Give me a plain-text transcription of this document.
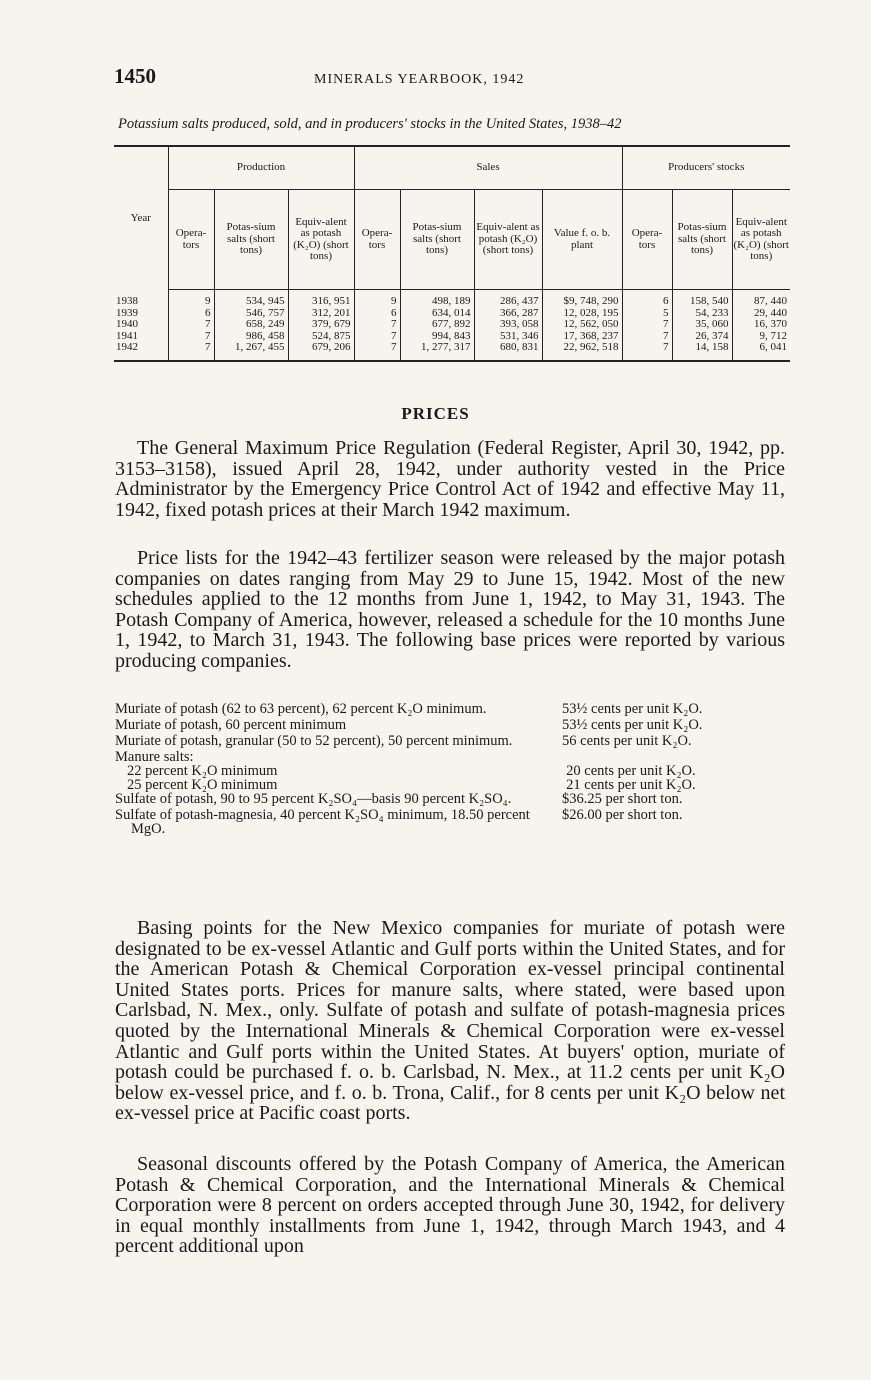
1450	MINERALS YEARBOOK, 1942
Potassium salts produced, sold, and in producers' stocks in the United States, 1938–42
Year	Production			Sales				Producers' stocks		
	Opera-tors	Potas-sium salts (short tons)	Equiv-alent as potash (K₂O) (short tons)	Opera-tors	Potas-sium salts (short tons)	Equiv-alent as potash (K₂O) (short tons)	Value f. o. b. plant	Opera-tors	Potas-sium salts (short tons)	Equiv-alent as potash (K₂O) (short tons)
1938	9	534, 945	316, 951	9	498, 189	286, 437	$9, 748, 290	6	158, 540	87, 440
1939	6	546, 757	312, 201	6	634, 014	366, 287	12, 028, 195	5	54, 233	29, 440
1940	7	658, 249	379, 679	7	677, 892	393, 058	12, 562, 050	7	35, 060	16, 370
1941	7	986, 458	524, 875	7	994, 843	531, 346	17, 368, 237	7	26, 374	9, 712
1942	7	1, 267, 455	679, 206	7	1, 277, 317	680, 831	22, 962, 518	7	14, 158	6, 041
PRICES

The General Maximum Price Regulation (Federal Register, April 30, 1942, pp. 3153–3158), issued April 28, 1942, under authority vested in the Price Administrator by the Emergency Price Control Act of 1942 and effective May 11, 1942, fixed potash prices at their March 1942 maximum.

Price lists for the 1942–43 fertilizer season were released by the major potash companies on dates ranging from May 29 to June 15, 1942. Most of the new schedules applied to the 12 months from June 1, 1942, to May 31, 1943. The Potash Company of America, however, released a schedule for the 10 months June 1, 1942, to March 31, 1943. The following base prices were reported by various producing companies.

Muriate of potash (62 to 63 percent), 62 percent K₂O minimum.	53½ cents per unit K₂O.
Muriate of potash, 60 percent minimum	53½ cents per unit K₂O.
Muriate of potash, granular (50 to 52 percent), 50 percent minimum.	56 cents per unit K₂O.
Manure salts:
22 percent K₂O minimum	20 cents per unit K₂O.
25 percent K₂O minimum	21 cents per unit K₂O.
Sulfate of potash, 90 to 95 percent K₂SO₄—basis 90 percent K₂SO₄.	$36.25 per short ton.
Sulfate of potash-magnesia, 40 percent K₂SO₄ minimum, 18.50 percent MgO.
$26.00 per short ton.

Basing points for the New Mexico companies for muriate of potash were designated to be ex-vessel Atlantic and Gulf ports within the United States, and for the American Potash & Chemical Corporation ex-vessel principal continental United States ports. Prices for manure salts, where stated, were based upon Carlsbad, N. Mex., only. Sulfate of potash and sulfate of potash-magnesia prices quoted by the International Minerals & Chemical Corporation were ex-vessel Atlantic and Gulf ports within the United States. At buyers' option, muriate of potash could be purchased f. o. b. Carlsbad, N. Mex., at 11.2 cents per unit K₂O below ex-vessel price, and f. o. b. Trona, Calif., for 8 cents per unit K₂O below net ex-vessel price at Pacific coast ports.

Seasonal discounts offered by the Potash Company of America, the American Potash & Chemical Corporation, and the International Minerals & Chemical Corporation were 8 percent on orders accepted through June 30, 1942, for delivery in equal monthly installments from June 1, 1942, through March 1943, and 4 percent additional upon
